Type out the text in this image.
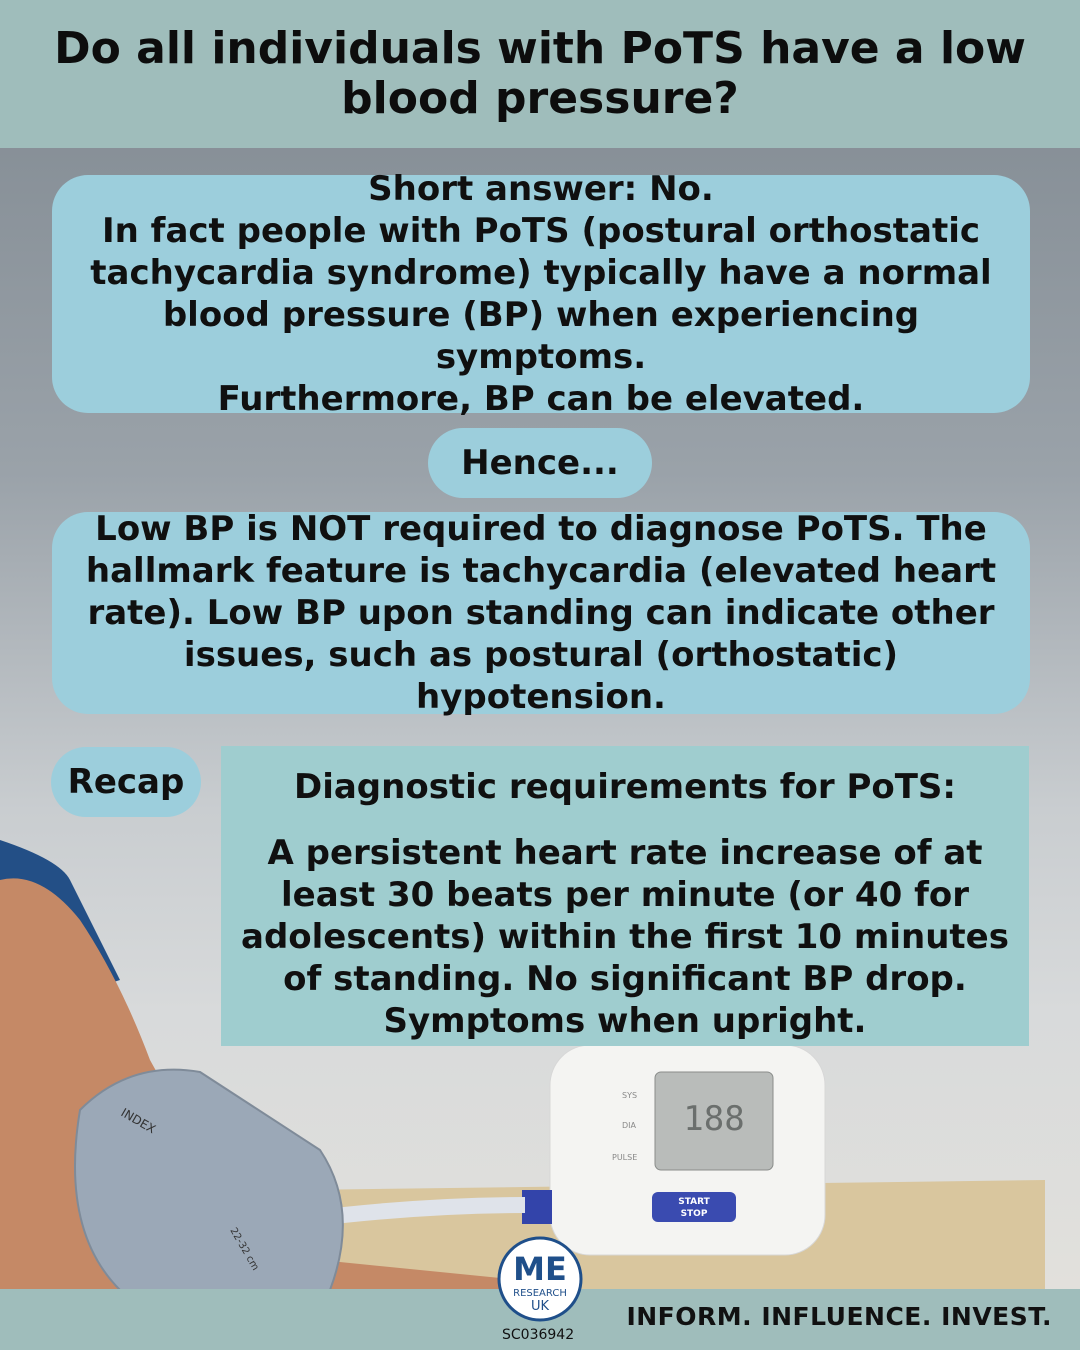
188
SYS
DIA
PULSE
START
STOP
INDEX
22-32 cm
Do all individuals with PoTS have a low blood pressure?
Short answer: No.
In fact people with PoTS (postural orthostatic tachycardia syndrome) typically have a normal blood pressure (BP) when experiencing symptoms.
Furthermore, BP can be elevated.
Hence...
Low BP is NOT required to diagnose PoTS. The hallmark feature is tachycardia (elevated heart rate). Low BP upon standing can indicate other issues, such as postural (orthostatic) hypotension.
Recap	Diagnostic requirements for PoTS:
A persistent heart rate increase of at least 30 beats per minute (or 40 for adolescents) within the first 10 minutes of standing. No significant BP drop. Symptoms when upright.
ME
RESEARCH
UK
SC036942
INFORM. INFLUENCE. INVEST.
